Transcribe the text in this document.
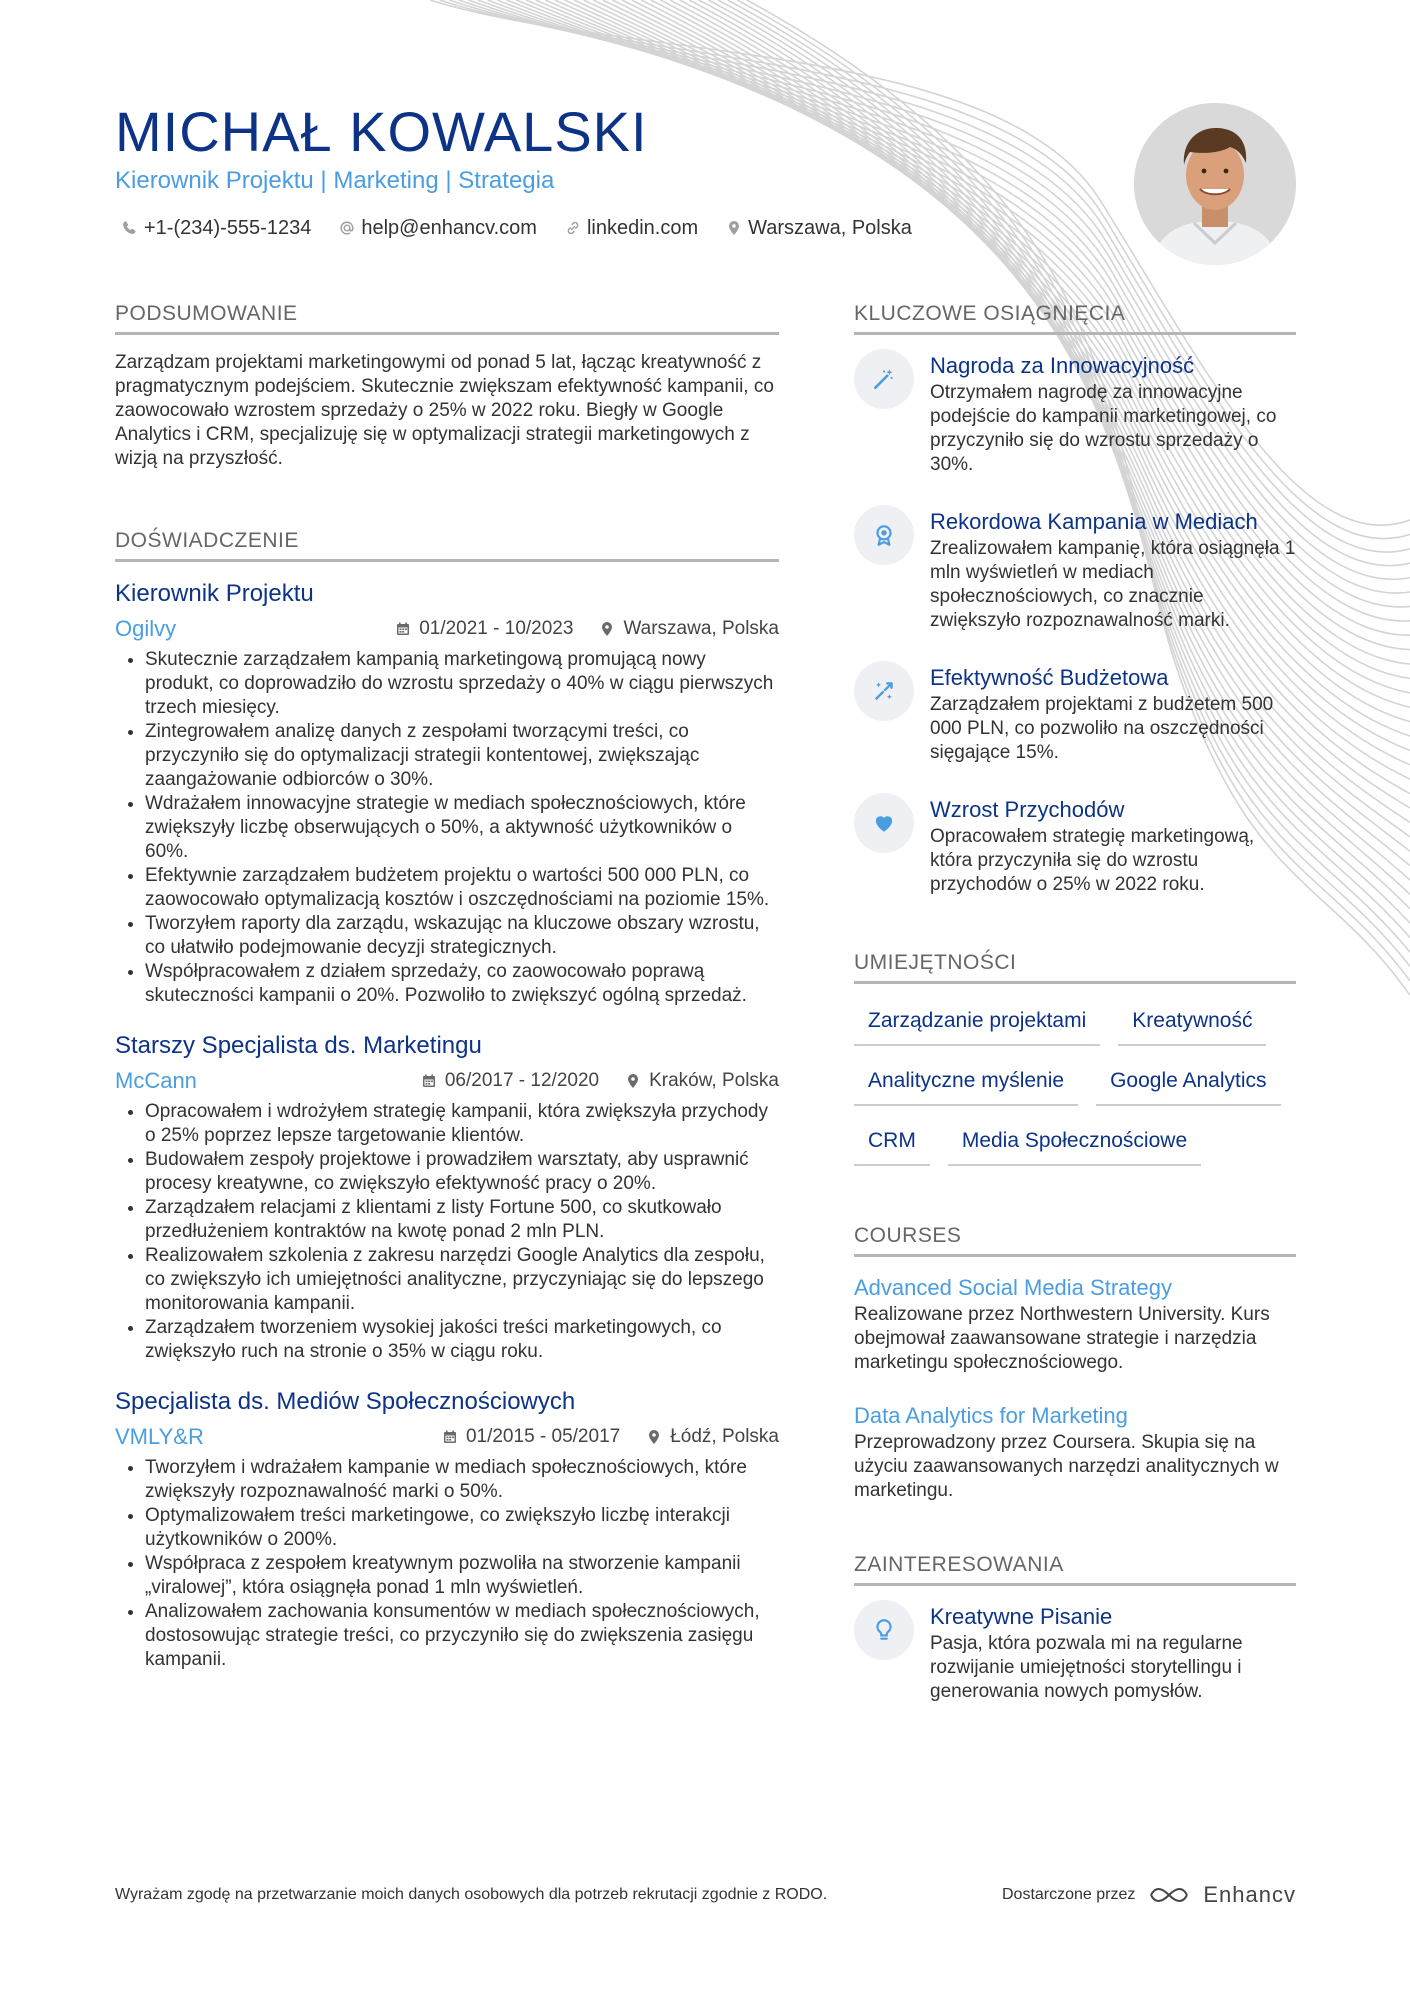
MICHAŁ KOWALSKI
Kierownik Projektu | Marketing | Strategia
+1-(234)-555-1234	help@enhancv.com	linkedin.com	Warszawa, Polska
PODSUMOWANIE
Zarządzam projektami marketingowymi od ponad 5 lat, łącząc kreatywność z pragmatycznym podejściem. Skutecznie zwiększam efektywność kampanii, co zaowocowało wzrostem sprzedaży o 25% w 2022 roku. Biegły w Google Analytics i CRM, specjalizuję się w optymalizacji strategii marketingowych z wizją na przyszłość.
DOŚWIADCZENIE
Kierownik Projektu
Ogilvy	01/2021 - 10/2023	Warszawa, Polska
• Skutecznie zarządzałem kampanią marketingową promującą nowy produkt, co doprowadziło do wzrostu sprzedaży o 40% w ciągu pierwszych trzech miesięcy.
• Zintegrowałem analizę danych z zespołami tworzącymi treści, co przyczyniło się do optymalizacji strategii kontentowej, zwiększając zaangażowanie odbiorców o 30%.
• Wdrażałem innowacyjne strategie w mediach społecznościowych, które zwiększyły liczbę obserwujących o 50%, a aktywność użytkowników o 60%.
• Efektywnie zarządzałem budżetem projektu o wartości 500 000 PLN, co zaowocowało optymalizacją kosztów i oszczędnościami na poziomie 15%.
• Tworzyłem raporty dla zarządu, wskazując na kluczowe obszary wzrostu, co ułatwiło podejmowanie decyzji strategicznych.
• Współpracowałem z działem sprzedaży, co zaowocowało poprawą skuteczności kampanii o 20%. Pozwoliło to zwiększyć ogólną sprzedaż.
Starszy Specjalista ds. Marketingu
McCann	06/2017 - 12/2020	Kraków, Polska
• Opracowałem i wdrożyłem strategię kampanii, która zwiększyła przychody o 25% poprzez lepsze targetowanie klientów.
• Budowałem zespoły projektowe i prowadziłem warsztaty, aby usprawnić procesy kreatywne, co zwiększyło efektywność pracy o 20%.
• Zarządzałem relacjami z klientami z listy Fortune 500, co skutkowało przedłużeniem kontraktów na kwotę ponad 2 mln PLN.
• Realizowałem szkolenia z zakresu narzędzi Google Analytics dla zespołu, co zwiększyło ich umiejętności analityczne, przyczyniając się do lepszego monitorowania kampanii.
• Zarządzałem tworzeniem wysokiej jakości treści marketingowych, co zwiększyło ruch na stronie o 35% w ciągu roku.
Specjalista ds. Mediów Społecznościowych
VMLY&R	01/2015 - 05/2017	Łódź, Polska
• Tworzyłem i wdrażałem kampanie w mediach społecznościowych, które zwiększyły rozpoznawalność marki o 50%.
• Optymalizowałem treści marketingowe, co zwiększyło liczbę interakcji użytkowników o 200%.
• Współpraca z zespołem kreatywnym pozwoliła na stworzenie kampanii „viralowej”, która osiągnęła ponad 1 mln wyświetleń.
• Analizowałem zachowania konsumentów w mediach społecznościowych, dostosowując strategie treści, co przyczyniło się do zwiększenia zasięgu kampanii.
KLUCZOWE OSIĄGNIĘCIA
Nagroda za Innowacyjność
Otrzymałem nagrodę za innowacyjne podejście do kampanii marketingowej, co przyczyniło się do wzrostu sprzedaży o 30%.
Rekordowa Kampania w Mediach
Zrealizowałem kampanię, która osiągnęła 1 mln wyświetleń w mediach społecznościowych, co znacznie zwiększyło rozpoznawalność marki.
Efektywność Budżetowa
Zarządzałem projektami z budżetem 500 000 PLN, co pozwoliło na oszczędności sięgające 15%.
Wzrost Przychodów
Opracowałem strategię marketingową, która przyczyniła się do wzrostu przychodów o 25% w 2022 roku.
UMIEJĘTNOŚCI
Zarządzanie projektami	Kreatywność
Analityczne myślenie	Google Analytics
CRM	Media Społecznościowe
COURSES
Advanced Social Media Strategy
Realizowane przez Northwestern University. Kurs obejmował zaawansowane strategie i narzędzia marketingu społecznościowego.
Data Analytics for Marketing
Przeprowadzony przez Coursera. Skupia się na użyciu zaawansowanych narzędzi analitycznych w marketingu.
ZAINTERESOWANIA
Kreatywne Pisanie
Pasja, która pozwala mi na regularne rozwijanie umiejętności storytellingu i generowania nowych pomysłów.
Wyrażam zgodę na przetwarzanie moich danych osobowych dla potrzeb rekrutacji zgodnie z RODO.	Dostarczone przez	Enhancv
